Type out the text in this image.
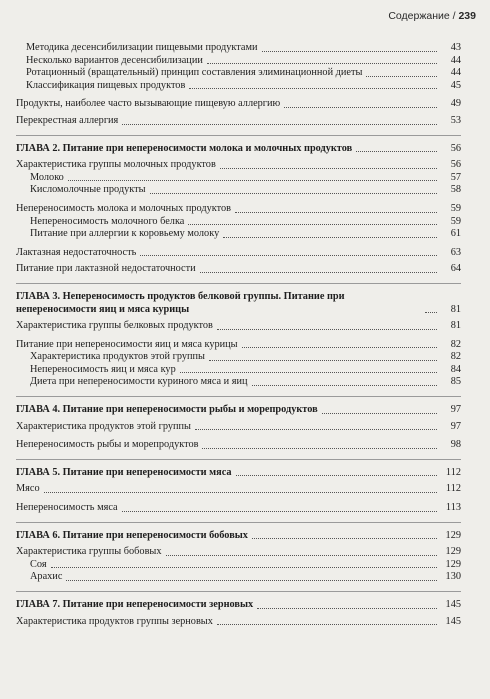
Содержание / 239
Методика десенсибилизации пищевыми продуктами	43
Несколько вариантов десенсибилизации	44
Ротационный (вращательный) принцип составления элиминационной диеты	44
Классификация пищевых продуктов	45
Продукты, наиболее часто вызывающие пищевую аллергию	49
Перекрестная аллергия	53
ГЛАВА 2. Питание при непереносимости молока и молочных продуктов	56
Характеристика группы молочных продуктов	56
Молоко	57
Кисломолочные продукты	58
Непереносимость молока и молочных продуктов	59
Непереносимость молочного белка	59
Питание при аллергии к коровьему молоку	61
Лактазная недостаточность	63
Питание при лактазной недостаточности	64
ГЛАВА 3. Непереносимость продуктов белковой группы. Питание при непереносимости яиц и мяса курицы	81
Характеристика группы белковых продуктов	81
Питание при непереносимости яиц и мяса курицы	82
Характеристика продуктов этой группы	82
Непереносимость яиц и мяса кур	84
Диета при непереносимости куриного мяса и яиц	85
ГЛАВА 4. Питание при непереносимости рыбы и морепродуктов	97
Характеристика продуктов этой группы	97
Непереносимость рыбы и морепродуктов	98
ГЛАВА 5. Питание при непереносимости мяса	112
Мясо	112
Непереносимость мяса	113
ГЛАВА 6. Питание при непереносимости бобовых	129
Характеристика группы бобовых	129
Соя	129
Арахис	130
ГЛАВА 7. Питание при непереносимости зерновых	145
Характеристика продуктов группы зерновых	145
